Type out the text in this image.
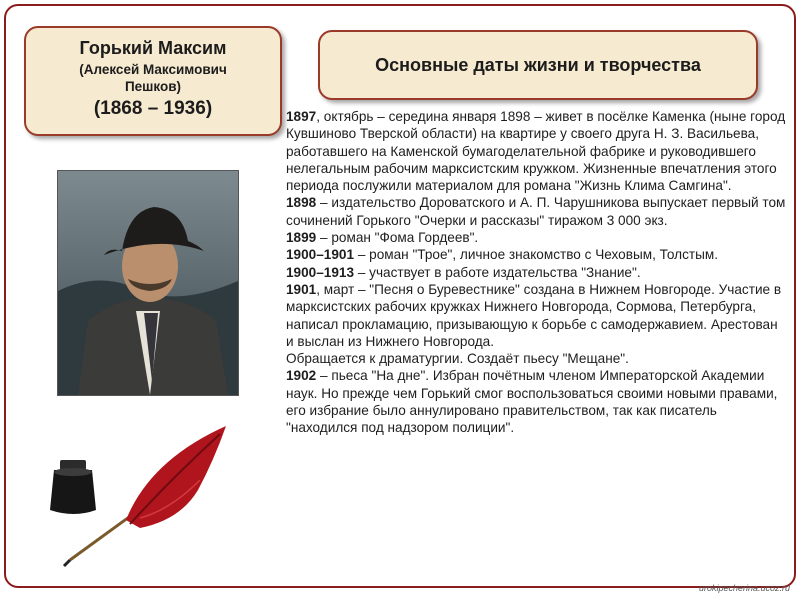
Горький Максим
(Алексей Максимович
Пешков)
(1868 – 1936)
Основные даты жизни и творчества

1897, октябрь – середина января 1898 – живет в посёлке Каменка (ныне город Кувшиново Тверской области) на квартире у своего друга Н. З. Васильева, работавшего на Каменской бумагоделательной фабрике и руководившего нелегальным рабочим марксистским кружком. Жизненные впечатления этого периода послужили материалом для романа "Жизнь Клима Самгина".

1898 – издательство Дороватского и А. П. Чарушникова выпускает первый том сочинений Горького "Очерки и рассказы" тиражом 3 000 экз.

1899 – роман "Фома Гордеев".

1900–1901 – роман "Трое", личное знакомство с Чеховым, Толстым.

1900–1913 – участвует в работе издательства "Знание".

1901, март – "Песня о Буревестнике" создана в Нижнем Новгороде. Участие в марксистских рабочих кружках Нижнего Новгорода, Сормова, Петербурга, написал прокламацию, призывающую к борьбе с самодержавием. Арестован и выслан из Нижнего Новгорода.

Обращается к драматургии. Создаёт пьесу "Мещане".

1902 – пьеса "На дне". Избран почётным членом Императорской Академии наук. Но прежде чем Горький смог воспользоваться своими новыми правами, его избрание было аннулировано правительством, так как писатель "находился под надзором полиции".

urokipecherina.ucoz.ru
